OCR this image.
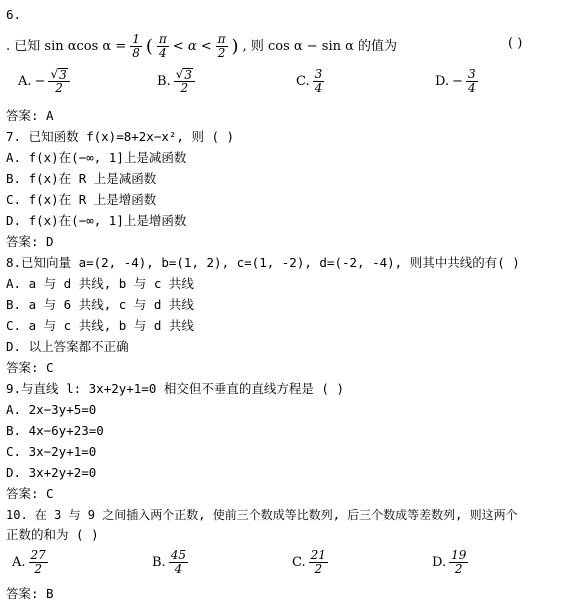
6.
. 已知 sin αcos $\alpha = \frac{1}{8}$ ( $\frac{\pi}{4} < \alpha < \frac{\pi}{2}$ ) , 则 cos α − sin α 的值为	( )
A. − $\frac{√ 3}{2}$	B. $\frac{√ 3}{2}$	C. $\frac{3}{4}$	D. − $\frac{3}{4}$
答案: A
7. 已知函数 f(x)=8+2x−x², 则 ( )
A. f(x)在(−∞, 1]上是减函数
B. f(x)在 R 上是减函数
C. f(x)在 R 上是增函数
D. f(x)在(−∞, 1]上是增函数
答案: D
8.已知向量 a=(2, -4), b=(1, 2), c=(1, -2), d=(-2, -4), 则其中共线的有( )
A. a 与 d 共线, b 与 c 共线
B. a 与 6 共线, c 与 d 共线
C. a 与 c 共线, b 与 d 共线
D. 以上答案都不正确
答案: C
9.与直线 l: 3x+2y+1=0 相交但不垂直的直线方程是 ( )
A. 2x−3y+5=0
B. 4x−6y+23=0
C. 3x−2y+1=0
D. 3x+2y+2=0
答案: C
10. 在 3 与 9 之间插入两个正数, 使前三个数成等比数列, 后三个数成等差数列, 则这两个
正数的和为 ( )
A. $\frac{27}{2}$	B. $\frac{45}{4}$	C. $\frac{21}{2}$	D. $\frac{19}{2}$
答案: B
